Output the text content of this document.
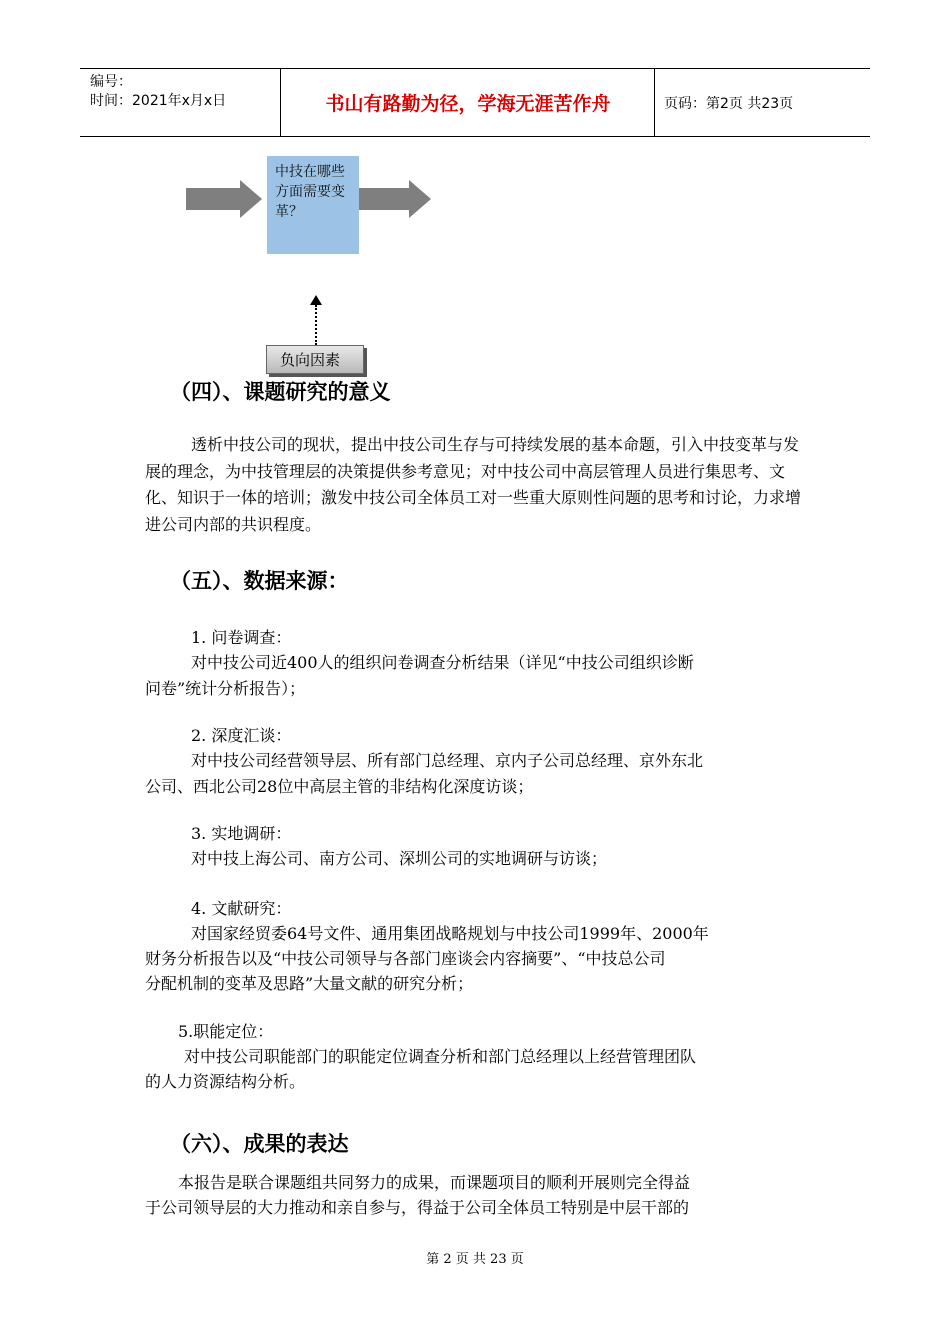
编号：
时间：2021年x月x日	书山有路勤为径，学海无涯苦作舟	页码：第2页 共23页
中技在哪些方面需要变革？
负向因素
（四）、课题研究的意义
透析中技公司的现状，提出中技公司生存与可持续发展的基本命题，引入中技变革与发展的理念，为中技管理层的决策提供参考意见；对中技公司中高层管理人员进行集思考、文化、知识于一体的培训；激发中技公司全体员工对一些重大原则性问题的思考和讨论，力求增进公司内部的共识程度。
（五）、数据来源：
1. 问卷调查：
对中技公司近400人的组织问卷调查分析结果（详见“中技公司组织诊断
问卷”统计分析报告）；
2. 深度汇谈：
对中技公司经营领导层、所有部门总经理、京内子公司总经理、京外东北
公司、西北公司28位中高层主管的非结构化深度访谈；
3. 实地调研：
对中技上海公司、南方公司、深圳公司的实地调研与访谈；
4. 文献研究：
对国家经贸委64号文件、通用集团战略规划与中技公司1999年、2000年
财务分析报告以及“中技公司领导与各部门座谈会内容摘要”、“中技总公司
分配机制的变革及思路”大量文献的研究分析；
5.职能定位：
对中技公司职能部门的职能定位调查分析和部门总经理以上经营管理团队
的人力资源结构分析。
（六）、成果的表达
本报告是联合课题组共同努力的成果，而课题项目的顺利开展则完全得益
于公司领导层的大力推动和亲自参与，得益于公司全体员工特别是中层干部的
第 2 页 共 23 页
